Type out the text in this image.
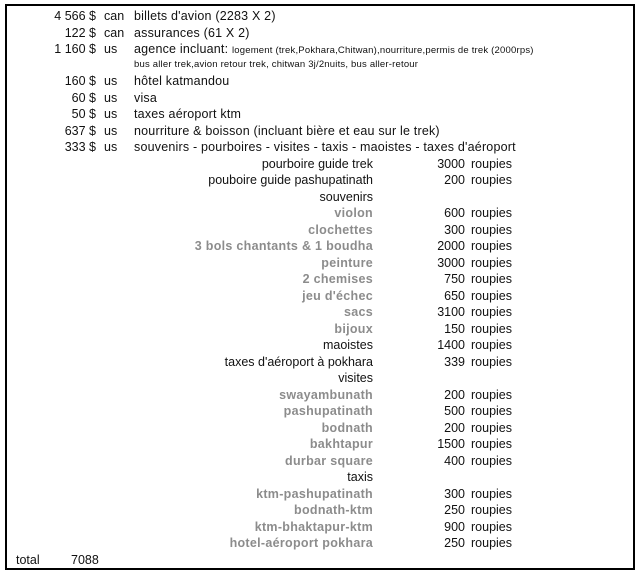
4 566 $ can billets d'avion (2283 X 2)
122 $ can assurances (61 X 2)
1 160 $ us agence incluant: logement (trek,Pokhara,Chitwan),nourriture,permis de trek (2000rps)
bus aller trek,avion retour trek, chitwan 3j/2nuits, bus aller-retour
160 $ us hôtel katmandou
60 $ us visa
50 $ us taxes aéroport ktm
637 $ us nourriture & boisson (incluant bière et eau sur le trek)
333 $ us souvenirs - pourboires - visites - taxis - maoistes - taxes d'aéroport
pourboire guide trek	3000 roupies
pouboire guide pashupatinath	200 roupies
souvenirs
violon	600 roupies
clochettes	300 roupies
3 bols chantants & 1 boudha	2000 roupies
peinture	3000 roupies
2 chemises	750 roupies
jeu d'échec	650 roupies
sacs	3100 roupies
bijoux	150 roupies
maoistes	1400 roupies
taxes d'aéroport à pokhara	339 roupies
visites
swayambunath	200 roupies
pashupatinath	500 roupies
bodnath	200 roupies
bakhtapur	1500 roupies
durbar square	400 roupies
taxis
ktm-pashupatinath	300 roupies
bodnath-ktm	250 roupies
ktm-bhaktapur-ktm	900 roupies
hotel-aéroport pokhara	250 roupies
total	7088
